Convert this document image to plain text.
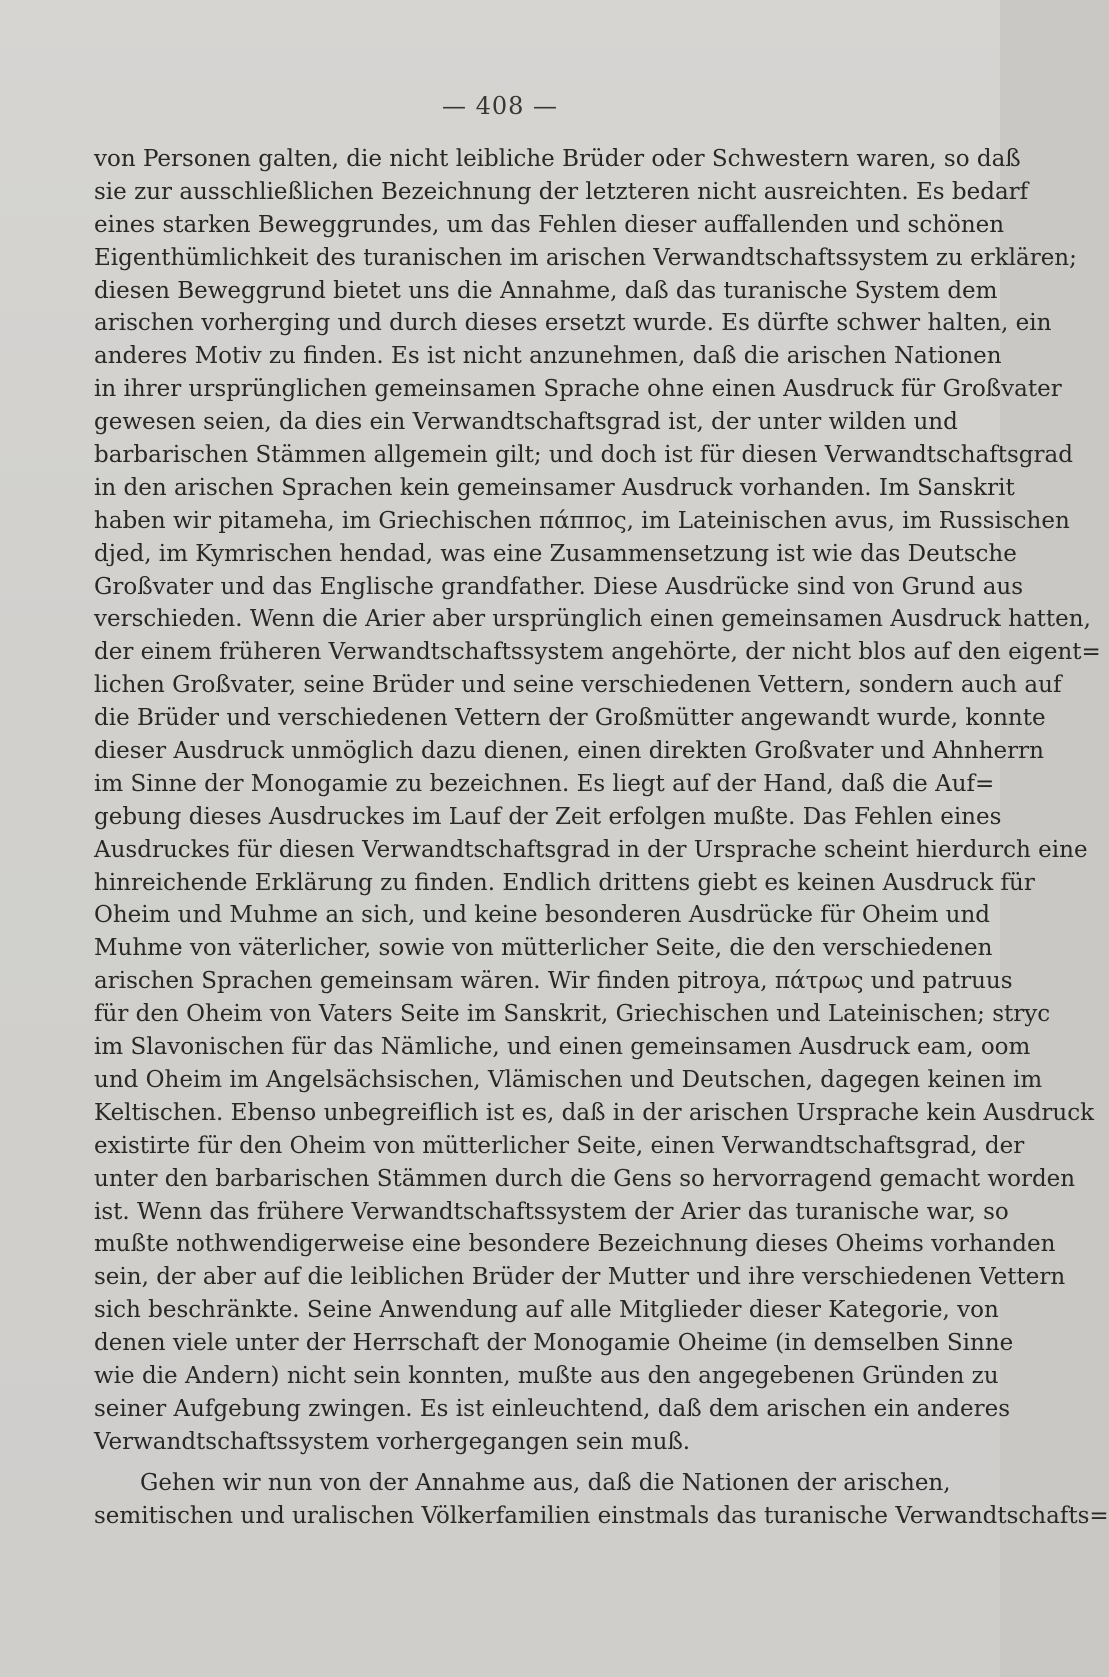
— 408 —
von Personen galten, die nicht leibliche Brüder oder Schwestern waren, so daß
sie zur ausschließlichen Bezeichnung der letzteren nicht ausreichten. Es bedarf
eines starken Beweggrundes, um das Fehlen dieser auffallenden und schönen
Eigenthümlichkeit des turanischen im arischen Verwandtschaftssystem zu erklären;
diesen Beweggrund bietet uns die Annahme, daß das turanische System dem
arischen vorherging und durch dieses ersetzt wurde. Es dürfte schwer halten, ein
anderes Motiv zu finden. Es ist nicht anzunehmen, daß die arischen Nationen
in ihrer ursprünglichen gemeinsamen Sprache ohne einen Ausdruck für Großvater
gewesen seien, da dies ein Verwandtschaftsgrad ist, der unter wilden und
barbarischen Stämmen allgemein gilt; und doch ist für diesen Verwandtschaftsgrad
in den arischen Sprachen kein gemeinsamer Ausdruck vorhanden. Im Sanskrit
haben wir pitameha, im Griechischen πάππος, im Lateinischen avus, im Russischen
djed, im Kymrischen hendad, was eine Zusammensetzung ist wie das Deutsche
Großvater und das Englische grandfather. Diese Ausdrücke sind von Grund aus
verschieden. Wenn die Arier aber ursprünglich einen gemeinsamen Ausdruck hatten,
der einem früheren Verwandtschaftssystem angehörte, der nicht blos auf den eigent=
lichen Großvater, seine Brüder und seine verschiedenen Vettern, sondern auch auf
die Brüder und verschiedenen Vettern der Großmütter angewandt wurde, konnte
dieser Ausdruck unmöglich dazu dienen, einen direkten Großvater und Ahnherrn
im Sinne der Monogamie zu bezeichnen. Es liegt auf der Hand, daß die Auf=
gebung dieses Ausdruckes im Lauf der Zeit erfolgen mußte. Das Fehlen eines
Ausdruckes für diesen Verwandtschaftsgrad in der Ursprache scheint hierdurch eine
hinreichende Erklärung zu finden. Endlich drittens giebt es keinen Ausdruck für
Oheim und Muhme an sich, und keine besonderen Ausdrücke für Oheim und
Muhme von väterlicher, sowie von mütterlicher Seite, die den verschiedenen
arischen Sprachen gemeinsam wären. Wir finden pitroya, πάτρως und patruus
für den Oheim von Vaters Seite im Sanskrit, Griechischen und Lateinischen; stryc
im Slavonischen für das Nämliche, und einen gemeinsamen Ausdruck eam, oom
und Oheim im Angelsächsischen, Vlämischen und Deutschen, dagegen keinen im
Keltischen. Ebenso unbegreiflich ist es, daß in der arischen Ursprache kein Ausdruck
existirte für den Oheim von mütterlicher Seite, einen Verwandtschaftsgrad, der
unter den barbarischen Stämmen durch die Gens so hervorragend gemacht worden
ist. Wenn das frühere Verwandtschaftssystem der Arier das turanische war, so
mußte nothwendigerweise eine besondere Bezeichnung dieses Oheims vorhanden
sein, der aber auf die leiblichen Brüder der Mutter und ihre verschiedenen Vettern
sich beschränkte. Seine Anwendung auf alle Mitglieder dieser Kategorie, von
denen viele unter der Herrschaft der Monogamie Oheime (in demselben Sinne
wie die Andern) nicht sein konnten, mußte aus den angegebenen Gründen zu
seiner Aufgebung zwingen. Es ist einleuchtend, daß dem arischen ein anderes
Verwandtschaftssystem vorhergegangen sein muß.
Gehen wir nun von der Annahme aus, daß die Nationen der arischen,
semitischen und uralischen Völkerfamilien einstmals das turanische Verwandtschafts=
